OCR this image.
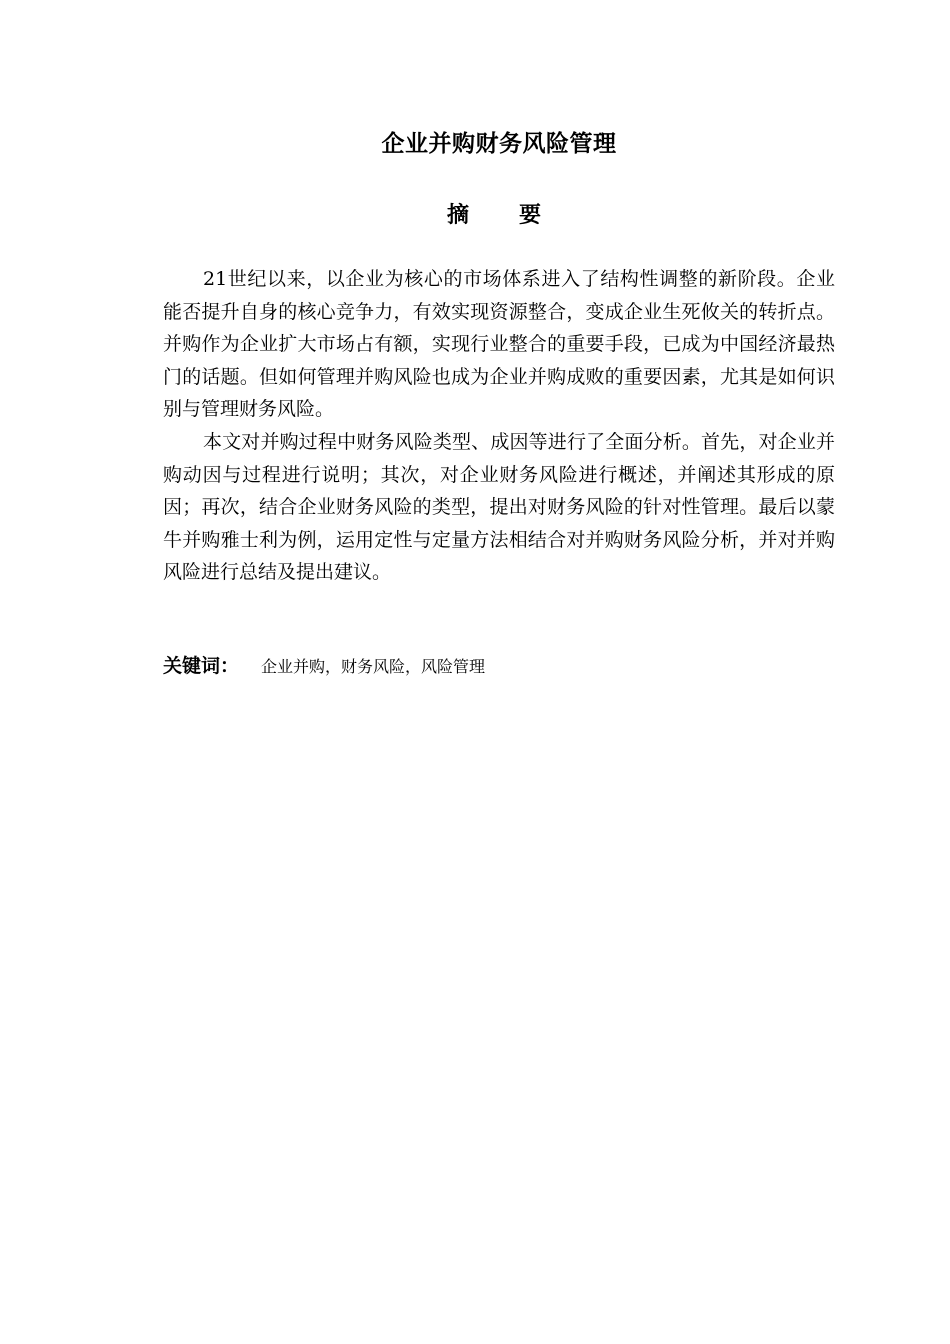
企业并购财务风险管理
摘 要

21世纪以来，以企业为核心的市场体系进入了结构性调整的新阶段。企业能否提升自身的核心竞争力，有效实现资源整合，变成企业生死攸关的转折点。并购作为企业扩大市场占有额，实现行业整合的重要手段，已成为中国经济最热门的话题。但如何管理并购风险也成为企业并购成败的重要因素，尤其是如何识别与管理财务风险。

本文对并购过程中财务风险类型、成因等进行了全面分析。首先，对企业并购动因与过程进行说明；其次，对企业财务风险进行概述，并阐述其形成的原因；再次，结合企业财务风险的类型，提出对财务风险的针对性管理。最后以蒙牛并购雅士利为例，运用定性与定量方法相结合对并购财务风险分析，并对并购风险进行总结及提出建议。

关键词： 企业并购，财务风险，风险管理
